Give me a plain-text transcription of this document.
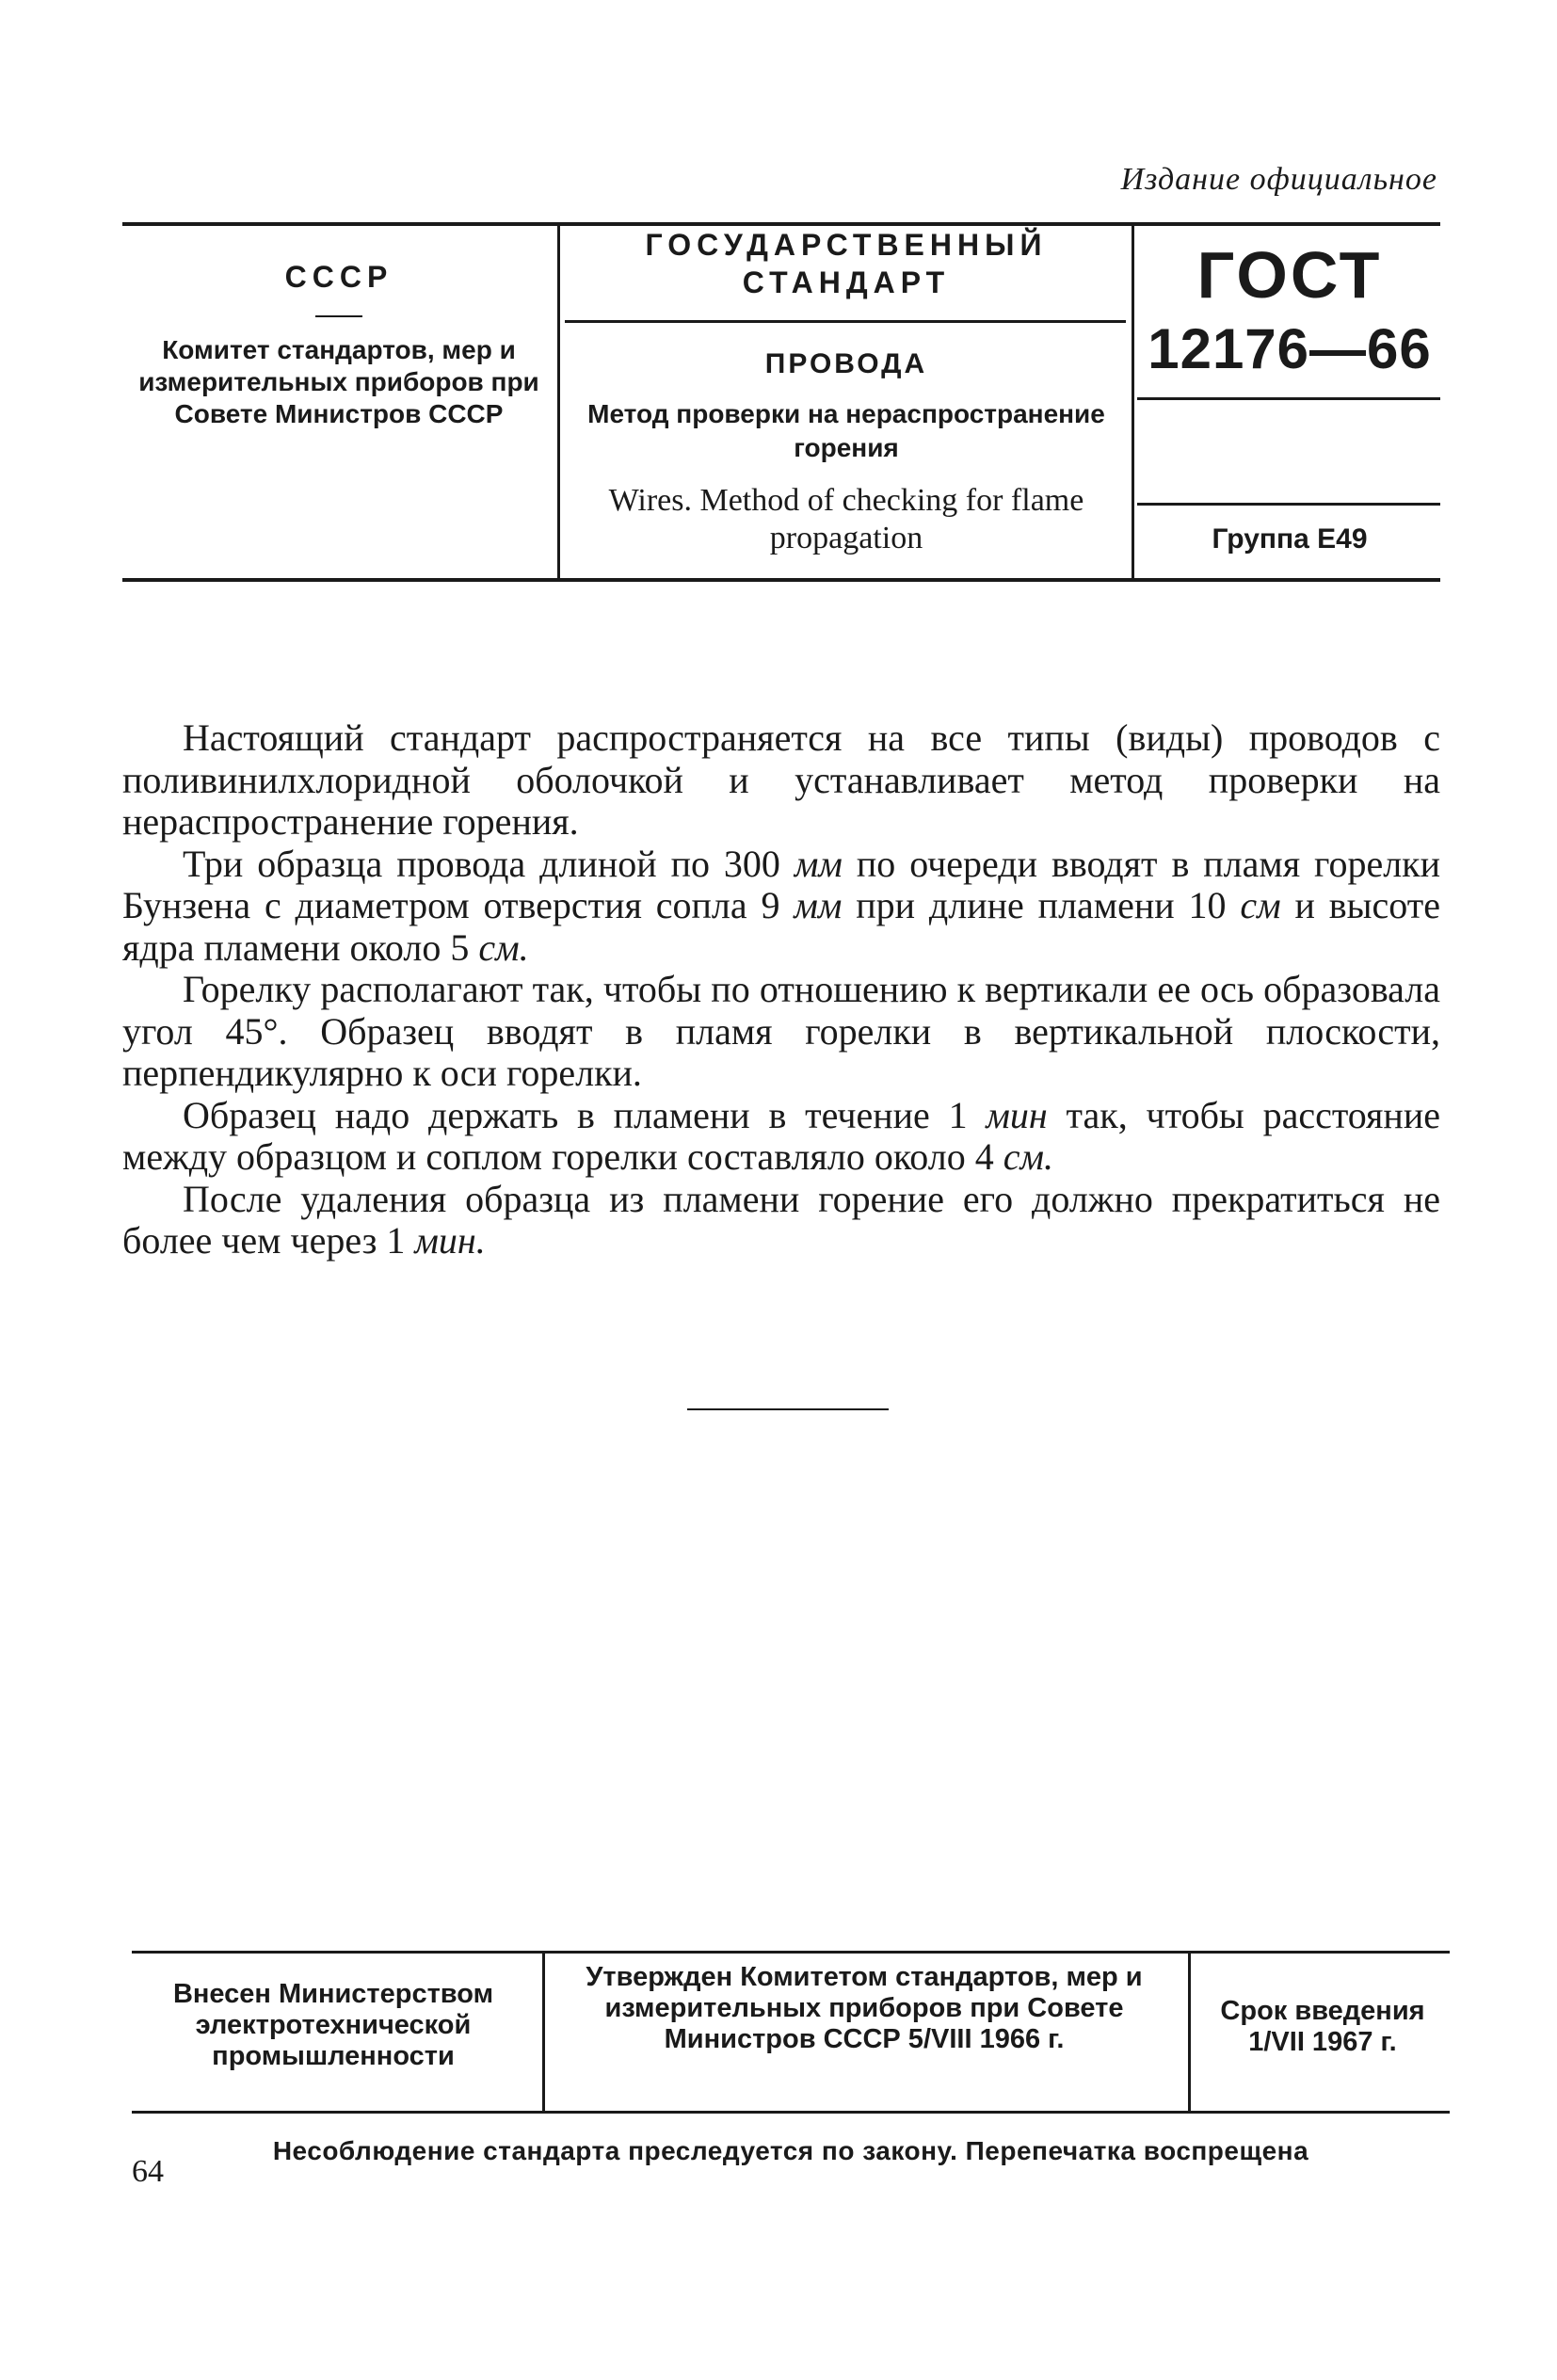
Издание официальное
СССР
Комитет стандартов, мер и измерительных приборов при Совете Министров СССР
ГОСУДАРСТВЕННЫЙ СТАНДАРТ
ПРОВОДА
Метод проверки на нераспространение горения
Wires. Method of checking for flame propagation
ГОСТ
12176—66
Группа Е49

Настоящий стандарт распространяется на все типы (виды) проводов с поливинилхлоридной оболочкой и устанавливает метод проверки на нераспространение горения.

Три образца провода длиной по 300 мм по очереди вводят в пламя горелки Бунзена с диаметром отверстия сопла 9 мм при длине пламени 10 см и высоте ядра пламени около 5 см.

Горелку располагают так, чтобы по отношению к вертикали ее ось образовала угол 45°. Образец вводят в пламя горелки в вертикальной плоскости, перпендикулярно к оси горелки.

Образец надо держать в пламени в течение 1 мин так, чтобы расстояние между образцом и соплом горелки составляло около 4 см.

После удаления образца из пламени горение его должно прекратиться не более чем через 1 мин.

Внесен Министерством электротехнической промышленности
Утвержден Комитетом стандартов, мер и измерительных приборов при Совете Министров СССР 5/VIII 1966 г.
Срок введения 1/VII 1967 г.
Несоблюдение стандарта преследуется по закону. Перепечатка воспрещена
64
